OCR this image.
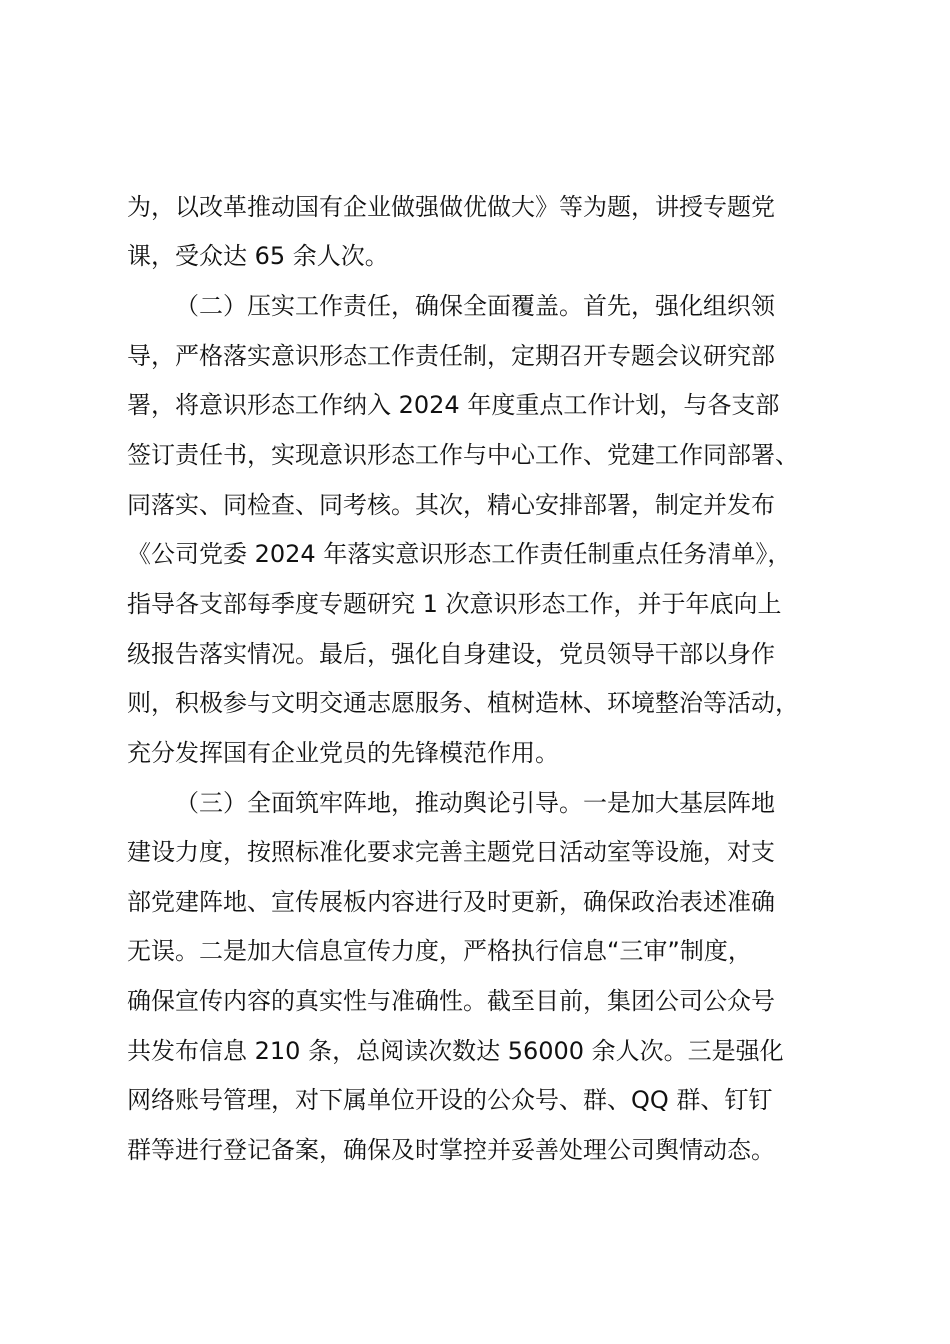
为，以改革推动国有企业做强做优做大》等为题，讲授专题党
课，受众达 65 余人次。
（二）压实工作责任，确保全面覆盖。首先，强化组织领
导，严格落实意识形态工作责任制，定期召开专题会议研究部
署，将意识形态工作纳入 2024 年度重点工作计划，与各支部
签订责任书，实现意识形态工作与中心工作、党建工作同部署、
同落实、同检查、同考核。其次，精心安排部署，制定并发布
《公司党委 2024 年落实意识形态工作责任制重点任务清单》，
指导各支部每季度专题研究 1 次意识形态工作，并于年底向上
级报告落实情况。最后，强化自身建设，党员领导干部以身作
则，积极参与文明交通志愿服务、植树造林、环境整治等活动，
充分发挥国有企业党员的先锋模范作用。
（三）全面筑牢阵地，推动舆论引导。一是加大基层阵地
建设力度，按照标准化要求完善主题党日活动室等设施，对支
部党建阵地、宣传展板内容进行及时更新，确保政治表述准确
无误。二是加大信息宣传力度，严格执行信息“三审”制度，
确保宣传内容的真实性与准确性。截至目前，集团公司公众号
共发布信息 210 条，总阅读次数达 56000 余人次。三是强化
网络账号管理，对下属单位开设的公众号、群、QQ 群、钉钉
群等进行登记备案，确保及时掌控并妥善处理公司舆情动态。
